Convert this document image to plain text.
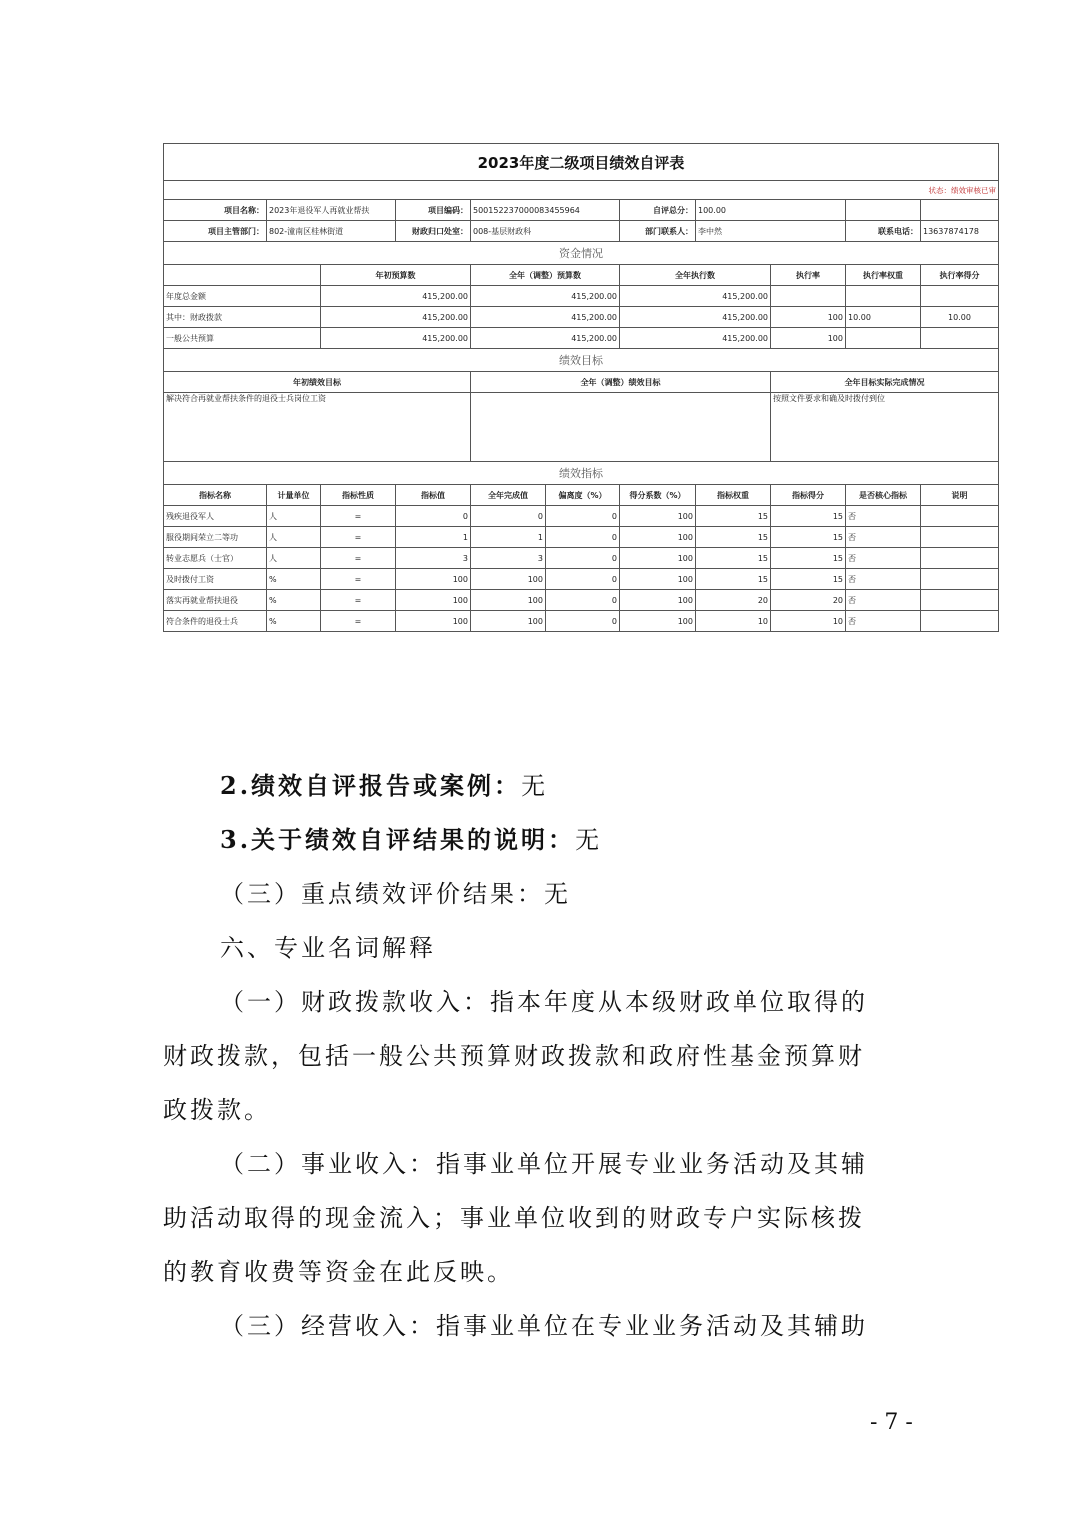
2023年度二级项目绩效自评表										
状态：绩效审核已审										
项目名称：	2023年退役军人再就业帮扶		项目编码：	500152237000083455964		自评总分：	100.00			
项目主管部门：	802-潼南区桂林街道		财政归口处室：	008-基层财政科		部门联系人：	李中然		联系电话：	13637874178
资金情况										
		年初预算数		全年（调整）预算数		全年执行数		执行率	执行率权重	执行率得分
年度总金额		415,200.00		415,200.00		415,200.00				
其中：财政拨款		415,200.00		415,200.00		415,200.00		100	10.00	10.00
一般公共预算		415,200.00		415,200.00		415,200.00		100		
绩效目标										
年初绩效目标				全年（调整）绩效目标				全年目标实际完成情况		
解决符合再就业帮扶条件的退役士兵岗位工资								按照文件要求和确及时拨付到位		
绩效指标										
指标名称	计量单位	指标性质	指标值	全年完成值	偏离度（%）	得分系数（%）	指标权重	指标得分	是否核心指标	说明
残疾退役军人	人	=	0	0	0	100	15	15	否	
服役期间荣立二等功	人	=	1	1	0	100	15	15	否	
转业志愿兵（士官）	人	=	3	3	0	100	15	15	否	
及时拨付工资	%	=	100	100	0	100	15	15	否	
落实再就业帮扶退役	%	=	100	100	0	100	20	20	否	
符合条件的退役士兵	%	=	100	100	0	100	10	10	否	
2.绩效自评报告或案例：无
3.关于绩效自评结果的说明：无
（三）重点绩效评价结果：无
六、专业名词解释
（一）财政拨款收入：指本年度从本级财政单位取得的
财政拨款，包括一般公共预算财政拨款和政府性基金预算财
政拨款。
（二）事业收入：指事业单位开展专业业务活动及其辅
助活动取得的现金流入；事业单位收到的财政专户实际核拨
的教育收费等资金在此反映。
（三）经营收入：指事业单位在专业业务活动及其辅助
- 7 -
